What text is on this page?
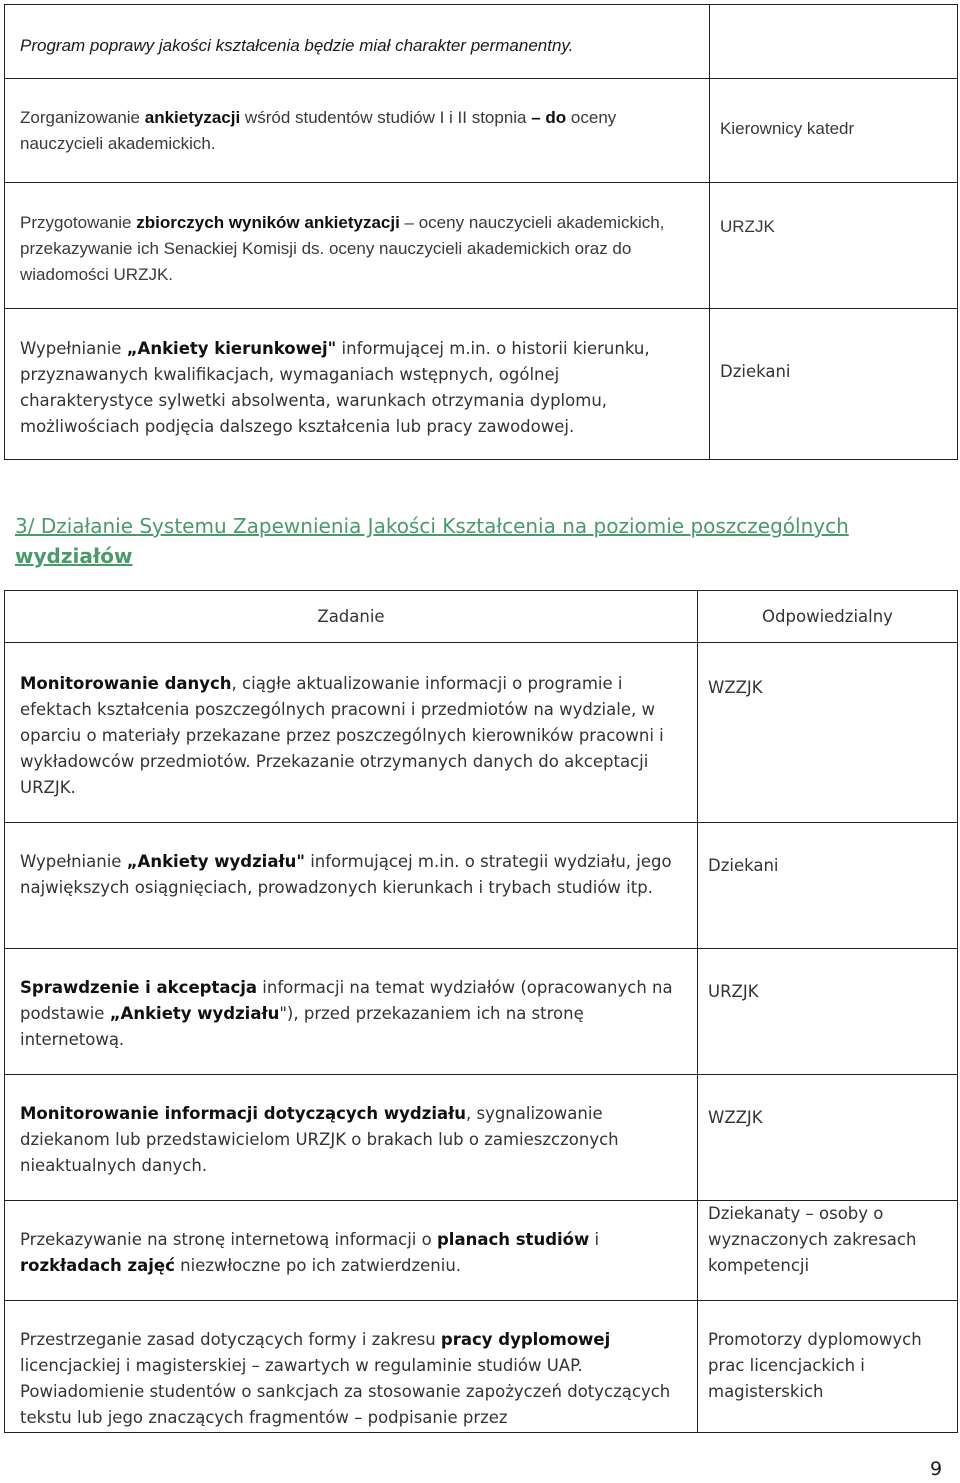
Program poprawy jakości kształcenia będzie miał charakter permanentny.	

Zorganizowanie ankietyzacji wśród studentów studiów I i II stopnia – do oceny nauczycieli akademickich.	Kierownicy katedr

Przygotowanie zbiorczych wyników ankietyzacji – oceny nauczycieli akademickich, przekazywanie ich Senackiej Komisji ds. oceny nauczycieli akademickich oraz do wiadomości URZJK.	URZJK

Wypełnianie „Ankiety kierunkowej" informującej m.in. o historii kierunku, przyznawanych kwalifikacjach, wymaganiach wstępnych, ogólnej charakterystyce sylwetki absolwenta, warunkach otrzymania dyplomu, możliwościach podjęcia dalszego kształcenia lub pracy zawodowej.	Dziekani
3/ Działanie Systemu Zapewnienia Jakości Kształcenia na poziomie poszczególnych wydziałów
Zadanie	Odpowiedzialny

Monitorowanie danych, ciągłe aktualizowanie informacji o programie i efektach kształcenia poszczególnych pracowni i przedmiotów na wydziale, w oparciu o materiały przekazane przez poszczególnych kierowników pracowni i wykładowców przedmiotów. Przekazanie otrzymanych danych do akceptacji URZJK.	WZZJK

Wypełnianie „Ankiety wydziału" informującej m.in. o strategii wydziału, jego największych osiągnięciach, prowadzonych kierunkach i trybach studiów itp.	Dziekani

Sprawdzenie i akceptacja informacji na temat wydziałów (opracowanych na podstawie „Ankiety wydziału"), przed przekazaniem ich na stronę internetową.	URZJK

Monitorowanie informacji dotyczących wydziału, sygnalizowanie dziekanom lub przedstawicielom URZJK o brakach lub o zamieszczonych nieaktualnych danych.	WZZJK

Przekazywanie na stronę internetową informacji o planach studiów i rozkładach zajęć niezwłoczne po ich zatwierdzeniu.	Dziekanaty – osoby o wyznaczonych zakresach kompetencji

Przestrzeganie zasad dotyczących formy i zakresu pracy dyplomowej licencjackiej i magisterskiej – zawartych w regulaminie studiów UAP. Powiadomienie studentów o sankcjach za stosowanie zapożyczeń dotyczących tekstu lub jego znaczących fragmentów – podpisanie przez	Promotorzy dyplomowych prac licencjackich i magisterskich
9
